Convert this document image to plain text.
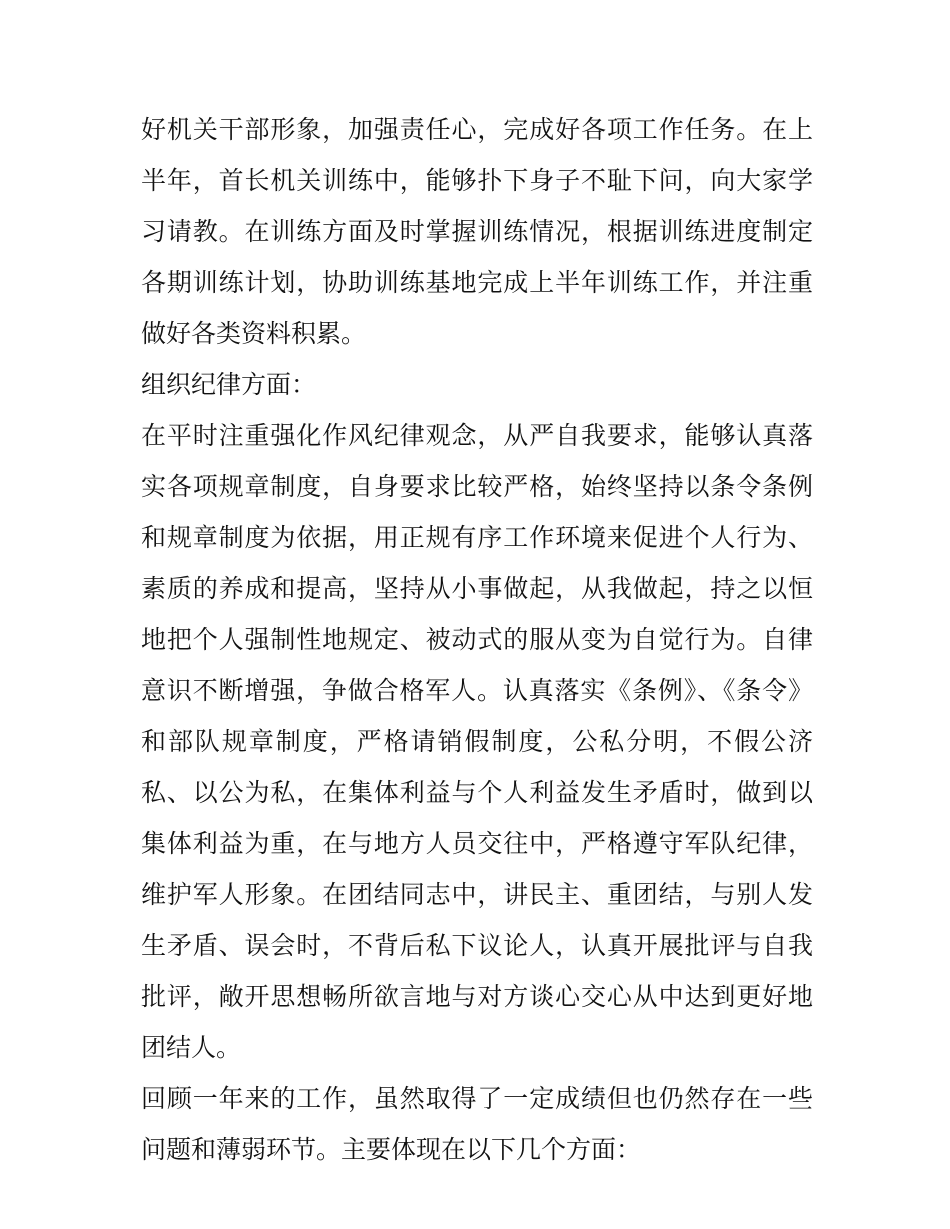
好机关干部形象，加强责任心，完成好各项工作任务。在上半年，首长机关训练中，能够扑下身子不耻下问，向大家学习请教。在训练方面及时掌握训练情况，根据训练进度制定各期训练计划，协助训练基地完成上半年训练工作，并注重做好各类资料积累。

组织纪律方面：

在平时注重强化作风纪律观念，从严自我要求，能够认真落实各项规章制度，自身要求比较严格，始终坚持以条令条例和规章制度为依据，用正规有序工作环境来促进个人行为、素质的养成和提高，坚持从小事做起，从我做起，持之以恒地把个人强制性地规定、被动式的服从变为自觉行为。自律意识不断增强，争做合格军人。认真落实《条例》、《条令》和部队规章制度，严格请销假制度，公私分明，不假公济私、以公为私，在集体利益与个人利益发生矛盾时，做到以集体利益为重，在与地方人员交往中，严格遵守军队纪律，维护军人形象。在团结同志中，讲民主、重团结，与别人发生矛盾、误会时，不背后私下议论人，认真开展批评与自我批评，敞开思想畅所欲言地与对方谈心交心从中达到更好地团结人。

回顾一年来的工作，虽然取得了一定成绩但也仍然存在一些问题和薄弱环节。主要体现在以下几个方面：
